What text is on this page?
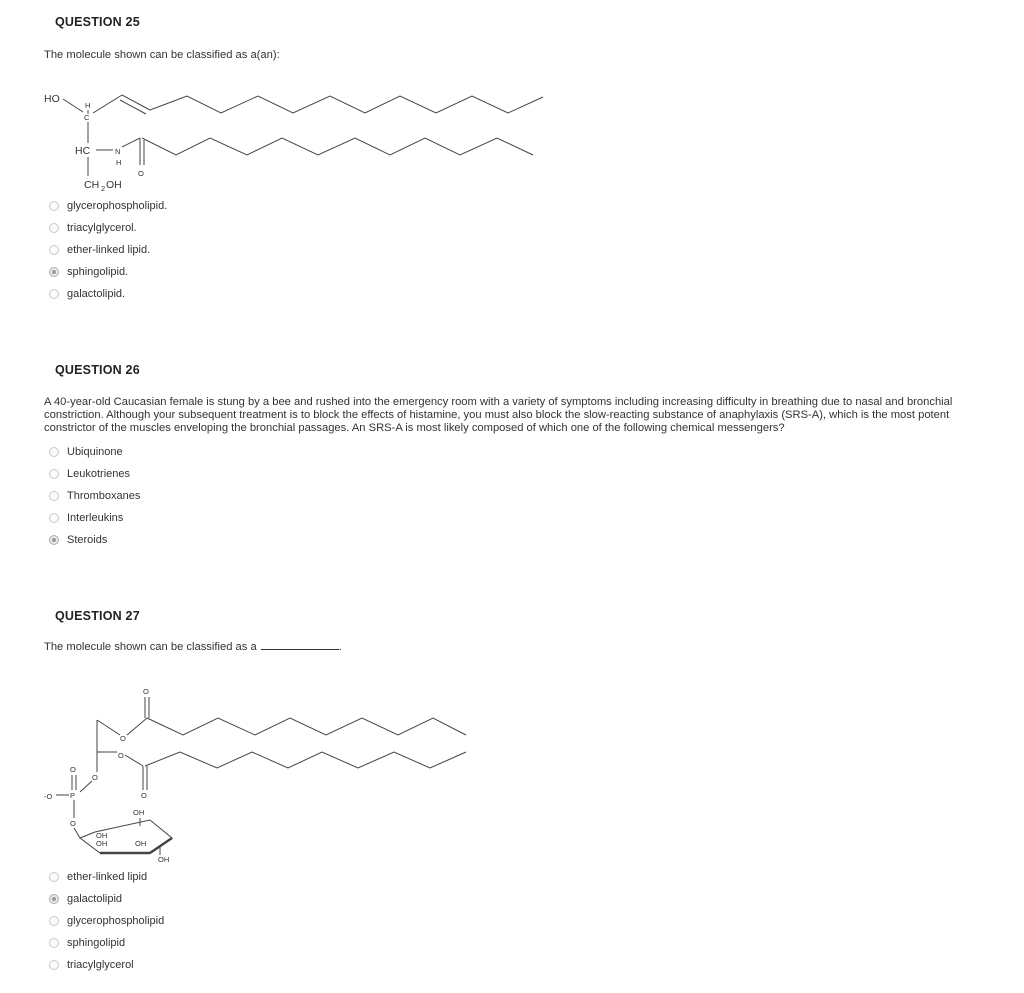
QUESTION 25
The molecule shown can be classified as a(an):
HO
H
C
HC	N
H
O
CH 2 OH
glycerophospholipid.
triacylglycerol.
ether-linked lipid.
sphingolipid.
galactolipid.
QUESTION 26
A 40-year-old Caucasian female is stung by a bee and rushed into the emergency room with a variety of symptoms including increasing difficulty in breathing due to nasal and bronchial constriction. Although your subsequent treatment is to block the effects of histamine, you must also block the slow-reacting substance of anaphylaxis (SRS-A), which is the most potent constrictor of the muscles enveloping the bronchial passages. An SRS-A is most likely composed of which one of the following chemical messengers?
Ubiquinone
Leukotrienes
Thromboxanes
Interleukins
Steroids
QUESTION 27
The molecule shown can be classified as a	.
O
O
O
O
O
O
P
-O
O
OH
OH
OH	OH
OH
ether-linked lipid
galactolipid
glycerophospholipid
sphingolipid
triacylglycerol
